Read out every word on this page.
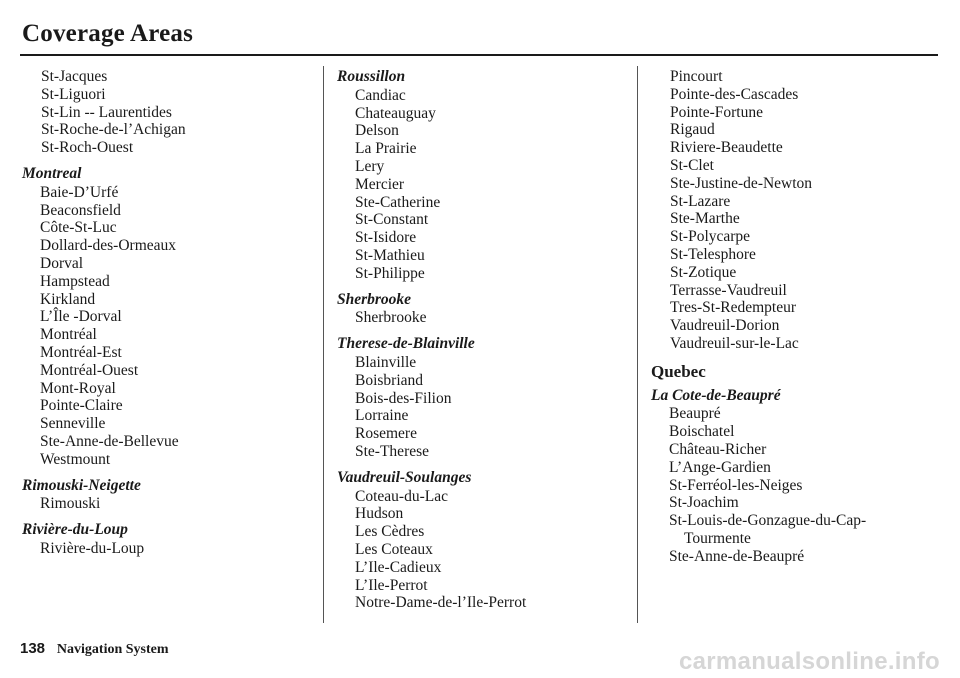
Coverage Areas
St-Jacques
St-Liguori
St-Lin -- Laurentides
St-Roche-de-l’Achigan
St-Roch-Ouest
Montreal
Baie-D’Urfé
Beaconsfield
Côte-St-Luc
Dollard-des-Ormeaux
Dorval
Hampstead
Kirkland
L’Île -Dorval
Montréal
Montréal-Est
Montréal-Ouest
Mont-Royal
Pointe-Claire
Senneville
Ste-Anne-de-Bellevue
Westmount
Rimouski-Neigette
Rimouski
Rivière-du-Loup
Rivière-du-Loup
Roussillon
Candiac
Chateauguay
Delson
La Prairie
Lery
Mercier
Ste-Catherine
St-Constant
St-Isidore
St-Mathieu
St-Philippe
Sherbrooke
Sherbrooke
Therese-de-Blainville
Blainville
Boisbriand
Bois-des-Filion
Lorraine
Rosemere
Ste-Therese
Vaudreuil-Soulanges
Coteau-du-Lac
Hudson
Les Cèdres
Les Coteaux
L’Ile-Cadieux
L’Ile-Perrot
Notre-Dame-de-l’Ile-Perrot
Pincourt
Pointe-des-Cascades
Pointe-Fortune
Rigaud
Riviere-Beaudette
St-Clet
Ste-Justine-de-Newton
St-Lazare
Ste-Marthe
St-Polycarpe
St-Telesphore
St-Zotique
Terrasse-Vaudreuil
Tres-St-Redempteur
Vaudreuil-Dorion
Vaudreuil-sur-le-Lac
Quebec
La Cote-de-Beaupré
Beaupré
Boischatel
Château-Richer
L’Ange-Gardien
St-Ferréol-les-Neiges
St-Joachim
St-Louis-de-Gonzague-du-Cap-
Tourmente
Ste-Anne-de-Beaupré
138 Navigation System	carmanualsonline.info
